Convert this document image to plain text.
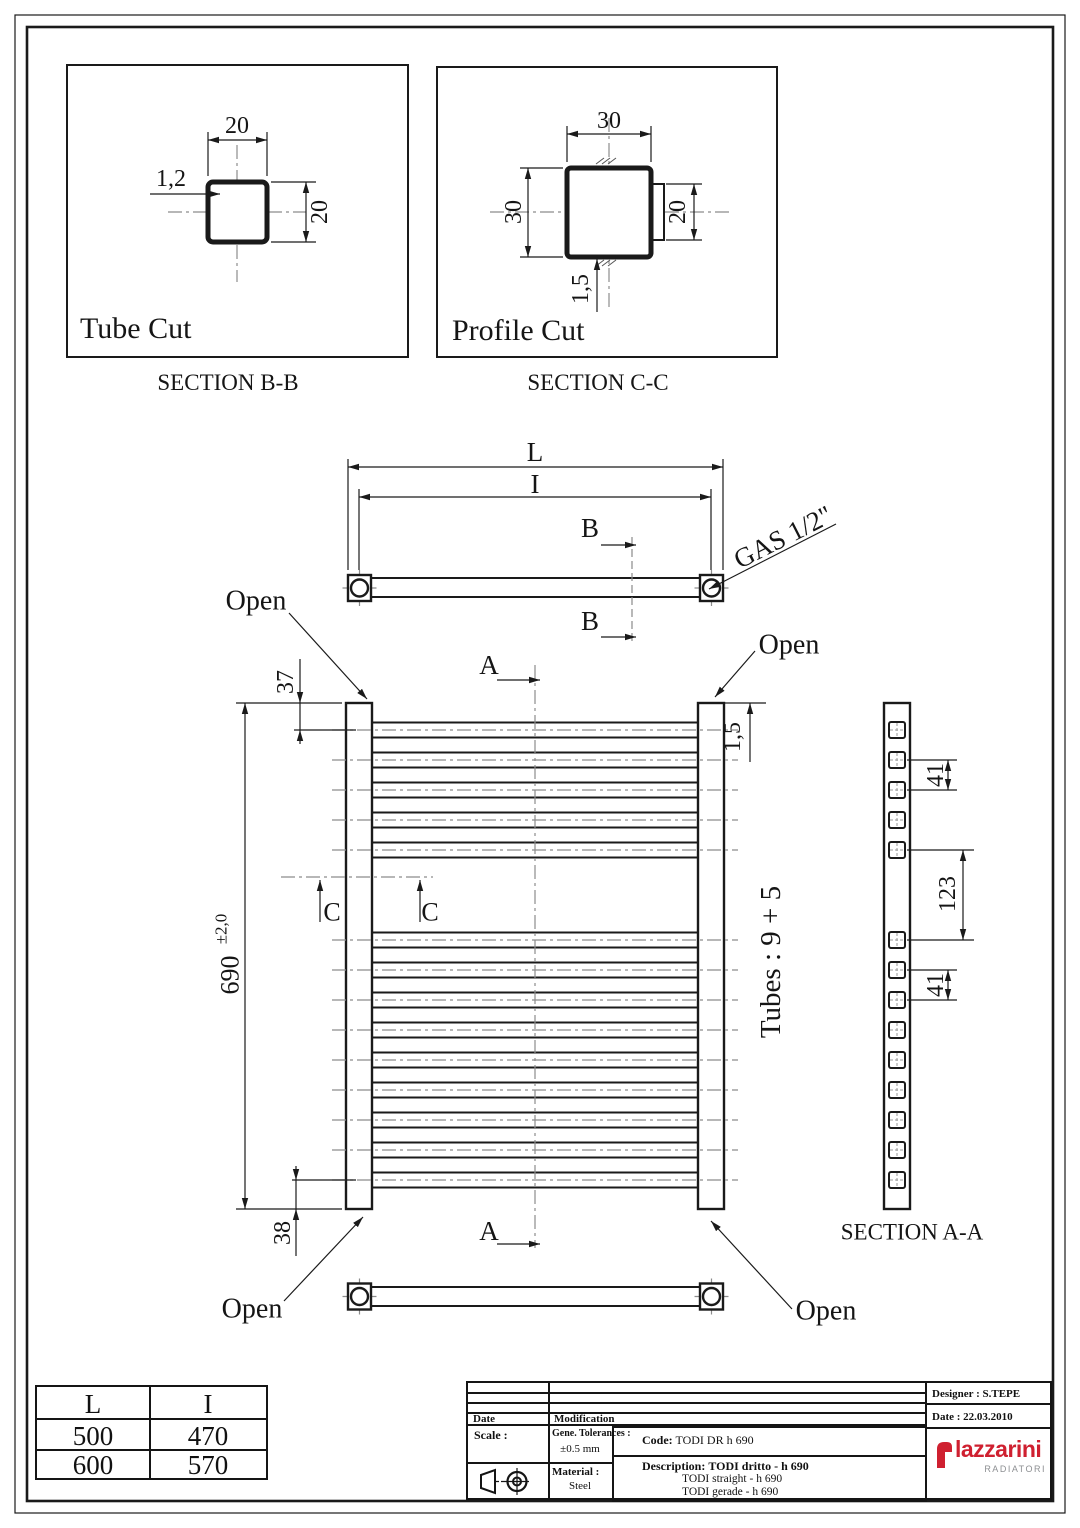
20
20
1,2
Tube Cut
SECTION B-B
30
30	20
1,5
Profile Cut
SECTION C-C
L
I
B
B
GAS 1/2"
690
±2,0
37
38
1,5
A
A
C	C
Open
Open
Open	Open
Tubes : 9 + 5
41
123
41
SECTION A-A
L	I
500	470
600	570
Date	Modification
Scale :	Gene. Tolerances :
±0.5 mm
Material :
Steel
Code: TODI DR h 690
Description: TODI dritto - h 690
TODI straight - h 690
TODI gerade - h 690
Designer : S.TEPE
Date : 22.03.2010
lazzarini
RADIATORI
